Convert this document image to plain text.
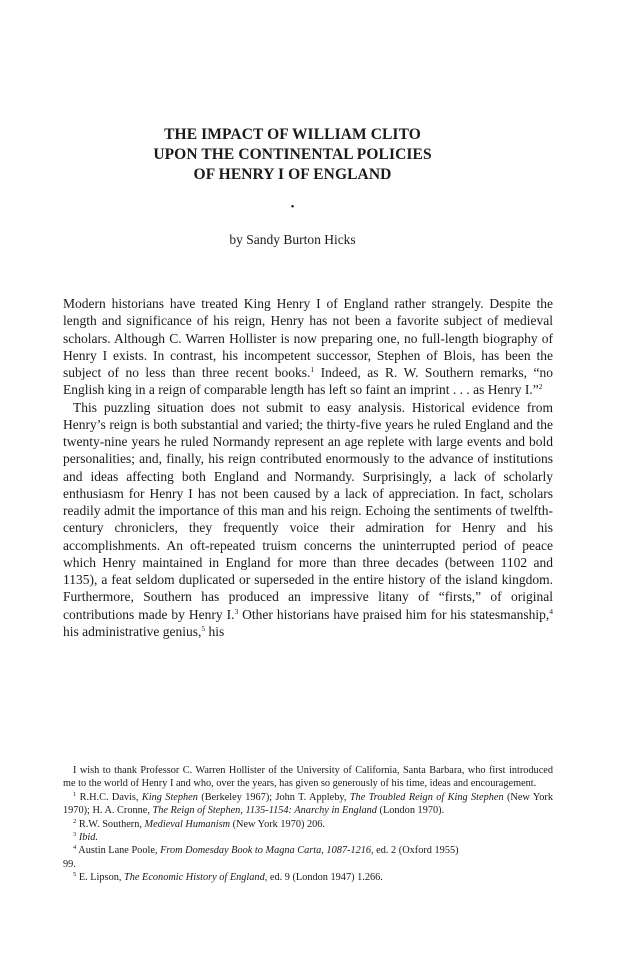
THE IMPACT OF WILLIAM CLITO
UPON THE CONTINENTAL POLICIES
OF HENRY I OF ENGLAND
•
by Sandy Burton Hicks

Modern historians have treated King Henry I of England rather strangely. Despite the length and significance of his reign, Henry has not been a favorite subject of medieval scholars. Although C. Warren Hollister is now preparing one, no full-length biography of Henry I exists. In contrast, his incompetent successor, Stephen of Blois, has been the subject of no less than three recent books.$^1$ Indeed, as R. W. Southern remarks, “no English king in a reign of comparable length has left so faint an imprint . . . as Henry I.”$^2$

This puzzling situation does not submit to easy analysis. Historical evidence from Henry’s reign is both substantial and varied; the thirty-five years he ruled England and the twenty-nine years he ruled Normandy represent an age replete with large events and bold personalities; and, finally, his reign contributed enormously to the advance of institutions and ideas affecting both England and Normandy. Surprisingly, a lack of scholarly enthusiasm for Henry I has not been caused by a lack of appreciation. In fact, scholars readily admit the importance of this man and his reign. Echoing the sentiments of twelfth-century chroniclers, they frequently voice their admiration for Henry and his accomplishments. An oft-repeated truism concerns the uninterrupted period of peace which Henry maintained in England for more than three decades (between 1102 and 1135), a feat seldom duplicated or superseded in the entire history of the island kingdom. Furthermore, Southern has produced an impressive litany of “firsts,” of original contributions made by Henry I.$^3$ Other historians have praised him for his statesmanship,$^4$ his administrative genius,$^5$ his

I wish to thank Professor C. Warren Hollister of the University of California, Santa Barbara, who first introduced me to the world of Henry I and who, over the years, has given so generously of his time, ideas and encouragement.

$^1$ R.H.C. Davis, King Stephen (Berkeley 1967); John T. Appleby, The Troubled Reign of King Stephen (New York 1970); H. A. Cronne, The Reign of Stephen, 1135-1154: Anarchy in England (London 1970).

$^2$ R.W. Southern, Medieval Humanism (New York 1970) 206.

$^3$ Ibid.

$^4$ Austin Lane Poole, From Domesday Book to Magna Carta, 1087-1216, ed. 2 (Oxford 1955)

99.

$^5$ E. Lipson, The Economic History of England, ed. 9 (London 1947) 1.266.
